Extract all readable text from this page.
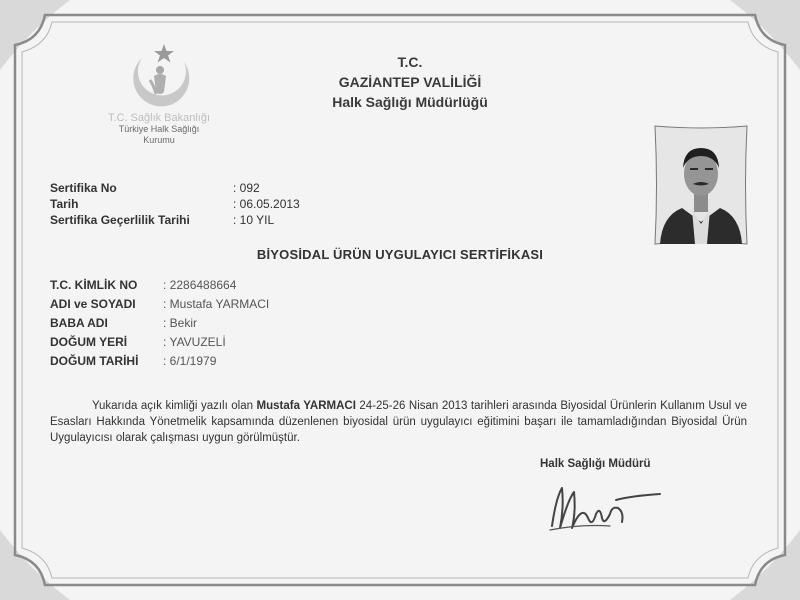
T.C. Sağlık Bakanlığı
Türkiye Halk Sağlığı
Kurumu
T.C.
GAZİANTEP VALİLİĞİ
Halk Sağlığı Müdürlüğü
Sertifika No	: 092
Tarih	: 06.05.2013
Sertifika Geçerlilik Tarihi	: 10 YIL
BİYOSİDAL ÜRÜN UYGULAYICI SERTİFİKASI
T.C. KİMLİK NO : 2286488664
ADI ve SOYADI : Mustafa YARMACI
BABA ADI	: Bekir
DOĞUM YERİ	: YAVUZELİ
DOĞUM TARİHİ : 6/1/1979
Yukarıda açık kimliği yazılı olan Mustafa YARMACI 24-25-26 Nisan 2013 tarihleri arasında Biyosidal Ürünlerin Kullanım Usul ve Esasları Hakkında Yönetmelik kapsamında düzenlenen biyosidal ürün uygulayıcı eğitimini başarı ile tamamladığından Biyosidal Ürün Uygulayıcısı olarak çalışması uygun görülmüştür.
Halk Sağlığı Müdürü
